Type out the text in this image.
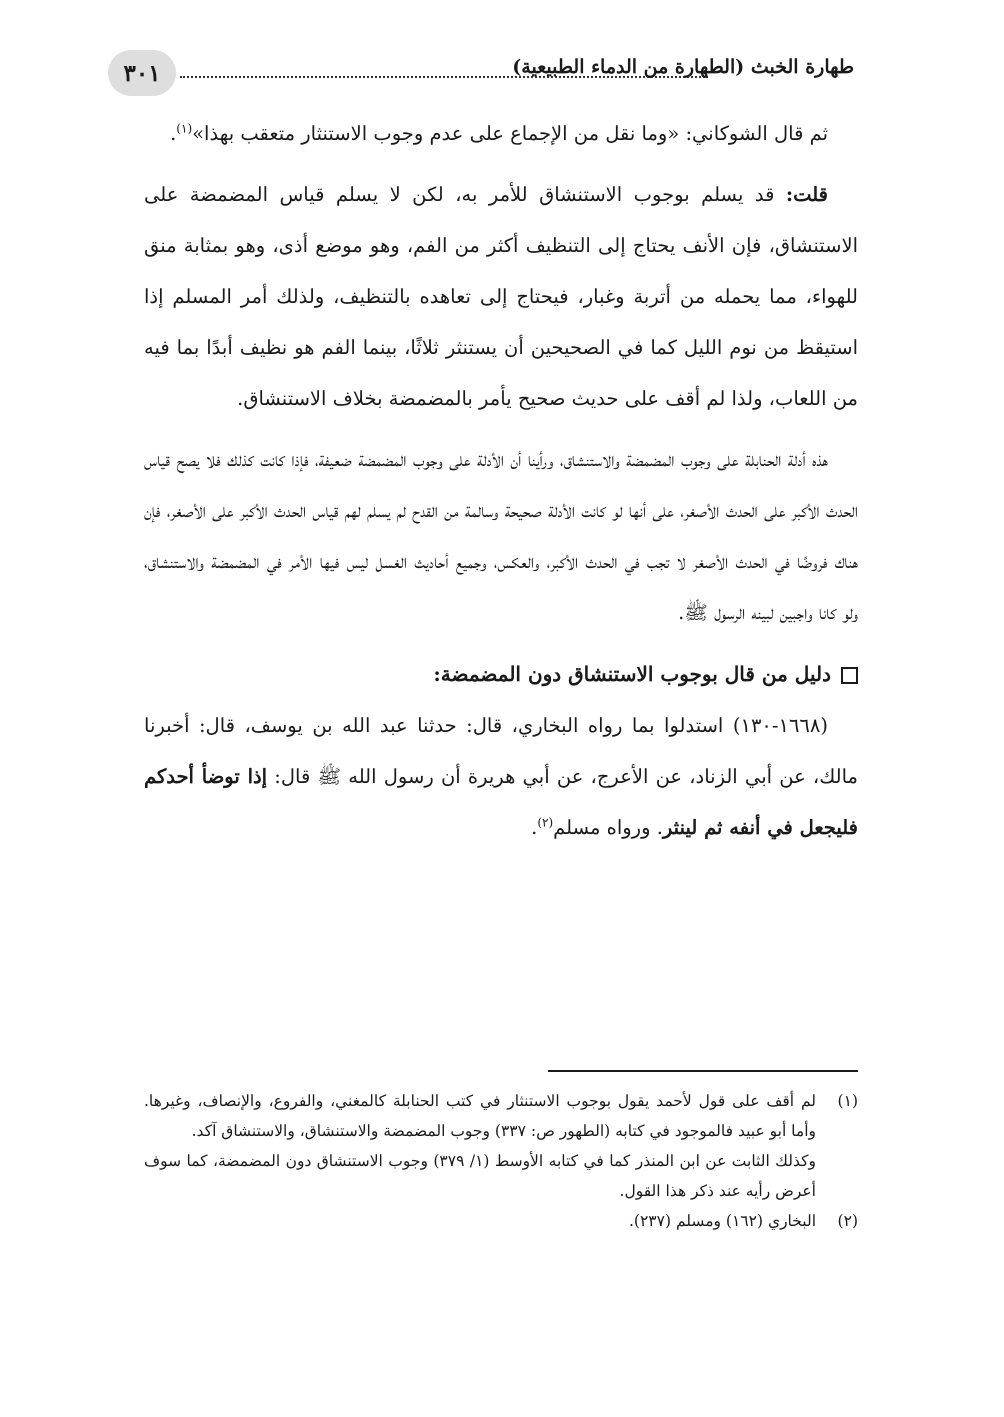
٣٠١	طهارة الخبث (الطهارة من الدماء الطبيعية)

ثم قال الشوكاني: «وما نقل من الإجماع على عدم وجوب الاستنثار متعقب بهذا»$^{(١)}$.

قلت: قد يسلم بوجوب الاستنشاق للأمر به، لكن لا يسلم قياس المضمضة على الاستنشاق، فإن الأنف يحتاج إلى التنظيف أكثر من الفم، وهو موضع أذى، وهو بمثابة منق للهواء، مما يحمله من أتربة وغبار، فيحتاج إلى تعاهده بالتنظيف، ولذلك أمر المسلم إذا استيقظ من نوم الليل كما في الصحيحين أن يستنثر ثلاثًا، بينما الفم هو نظيف أبدًا بما فيه من اللعاب، ولذا لم أقف على حديث صحيح يأمر بالمضمضة بخلاف الاستنشاق.

هذه أدلة الحنابلة على وجوب المضمضة والاستنشاق، ورأينا أن الأدلة على وجوب المضمضة ضعيفة، فإذا كانت كذلك فلا يصح قياس الحدث الأكبر على الحدث الأصغر، على أنها لو كانت الأدلة صحيحة وسالمة من القدح لم يسلم لهم قياس الحدث الأكبر على الأصغر، فإن هناك فروضًا في الحدث الأصغر لا تجب في الحدث الأكبر، والعكس، وجميع أحاديث الغسل ليس فيها الأمر في المضمضة والاستنشاق، ولو كانا واجبين لبينه الرسول ﷺ.

دليل من قال بوجوب الاستنشاق دون المضمضة:

(١٦٦٨-١٣٠) استدلوا بما رواه البخاري، قال: حدثنا عبد الله بن يوسف، قال: أخبرنا مالك، عن أبي الزناد، عن الأعرج، عن أبي هريرة أن رسول الله ﷺ قال: إذا توضأ أحدكم فليجعل في أنفه ثم لينثر. ورواه مسلم$^{(٢)}$.

(١)
لم أقف على قول لأحمد يقول بوجوب الاستنثار في كتب الحنابلة كالمغني، والفروع، والإنصاف، وغيرها. وأما أبو عبيد فالموجود في كتابه (الطهور ص: ٣٣٧) وجوب المضمضة والاستنشاق، والاستنشاق آكد.

وكذلك الثابت عن ابن المنذر كما في كتابه الأوسط (١/ ٣٧٩) وجوب الاستنشاق دون المضمضة، كما سوف أعرض رأيه عند ذكر هذا القول.

(٢)
البخاري (١٦٢) ومسلم (٢٣٧).
